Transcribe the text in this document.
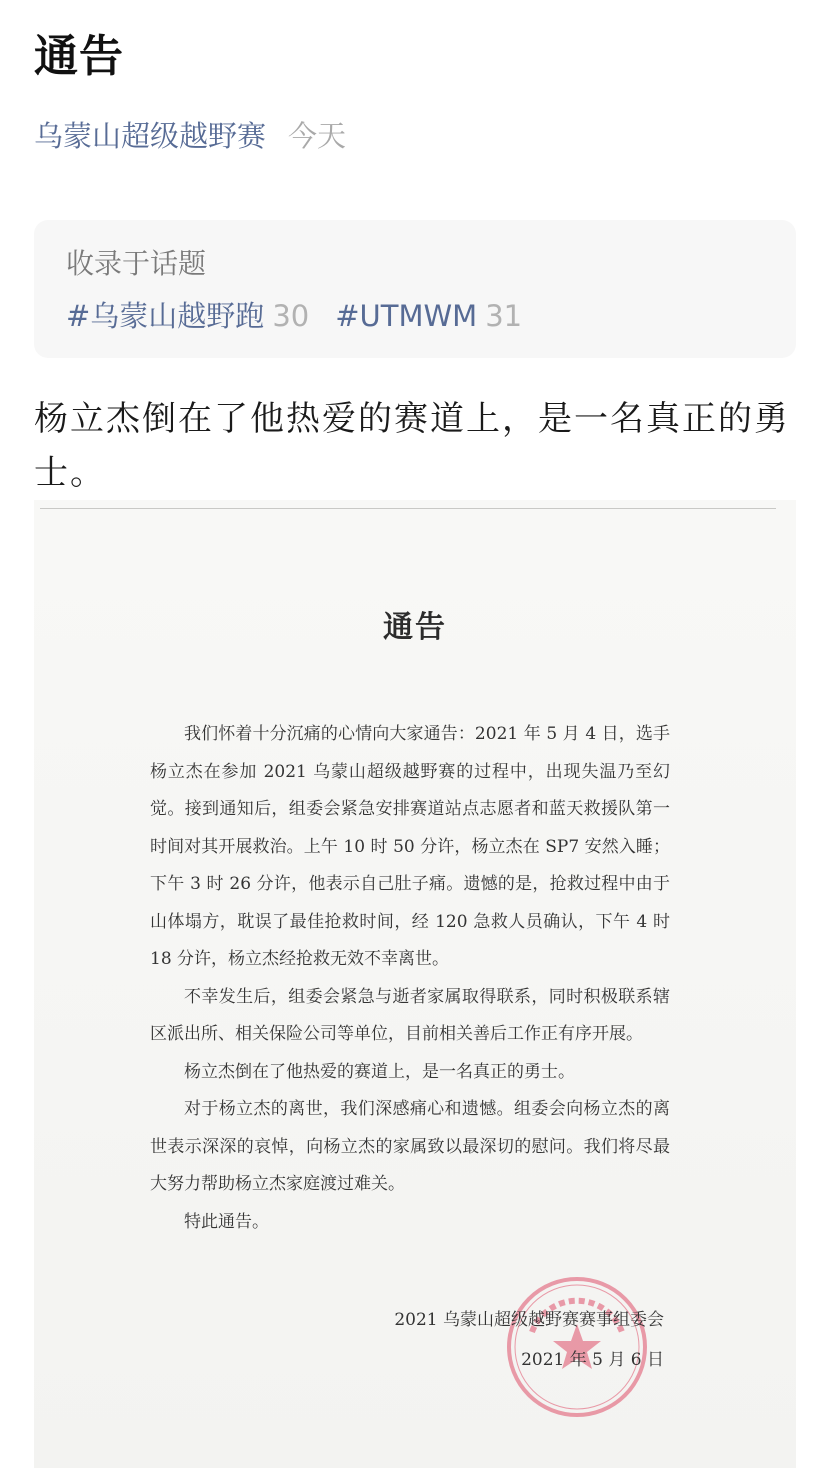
通告
乌蒙山超级越野赛 今天
收录于话题
#乌蒙山越野跑 30 #UTMWM 31

杨立杰倒在了他热爱的赛道上，是一名真正的勇士。

通告

我们怀着十分沉痛的心情向大家通告：2021 年 5 月 4 日，选手杨立杰在参加 2021 乌蒙山超级越野赛的过程中，出现失温乃至幻觉。接到通知后，组委会紧急安排赛道站点志愿者和蓝天救援队第一时间对其开展救治。上午 10 时 50 分许，杨立杰在 SP7 安然入睡；下午 3 时 26 分许，他表示自己肚子痛。遗憾的是，抢救过程中由于山体塌方，耽误了最佳抢救时间，经 120 急救人员确认，下午 4 时 18 分许，杨立杰经抢救无效不幸离世。

不幸发生后，组委会紧急与逝者家属取得联系，同时积极联系辖区派出所、相关保险公司等单位，目前相关善后工作正有序开展。

杨立杰倒在了他热爱的赛道上，是一名真正的勇士。

对于杨立杰的离世，我们深感痛心和遗憾。组委会向杨立杰的离世表示深深的哀悼，向杨立杰的家属致以最深切的慰问。我们将尽最大努力帮助杨立杰家庭渡过难关。

特此通告。

2021 乌蒙山超级越野赛赛事组委会
2021 年 5 月 6 日
